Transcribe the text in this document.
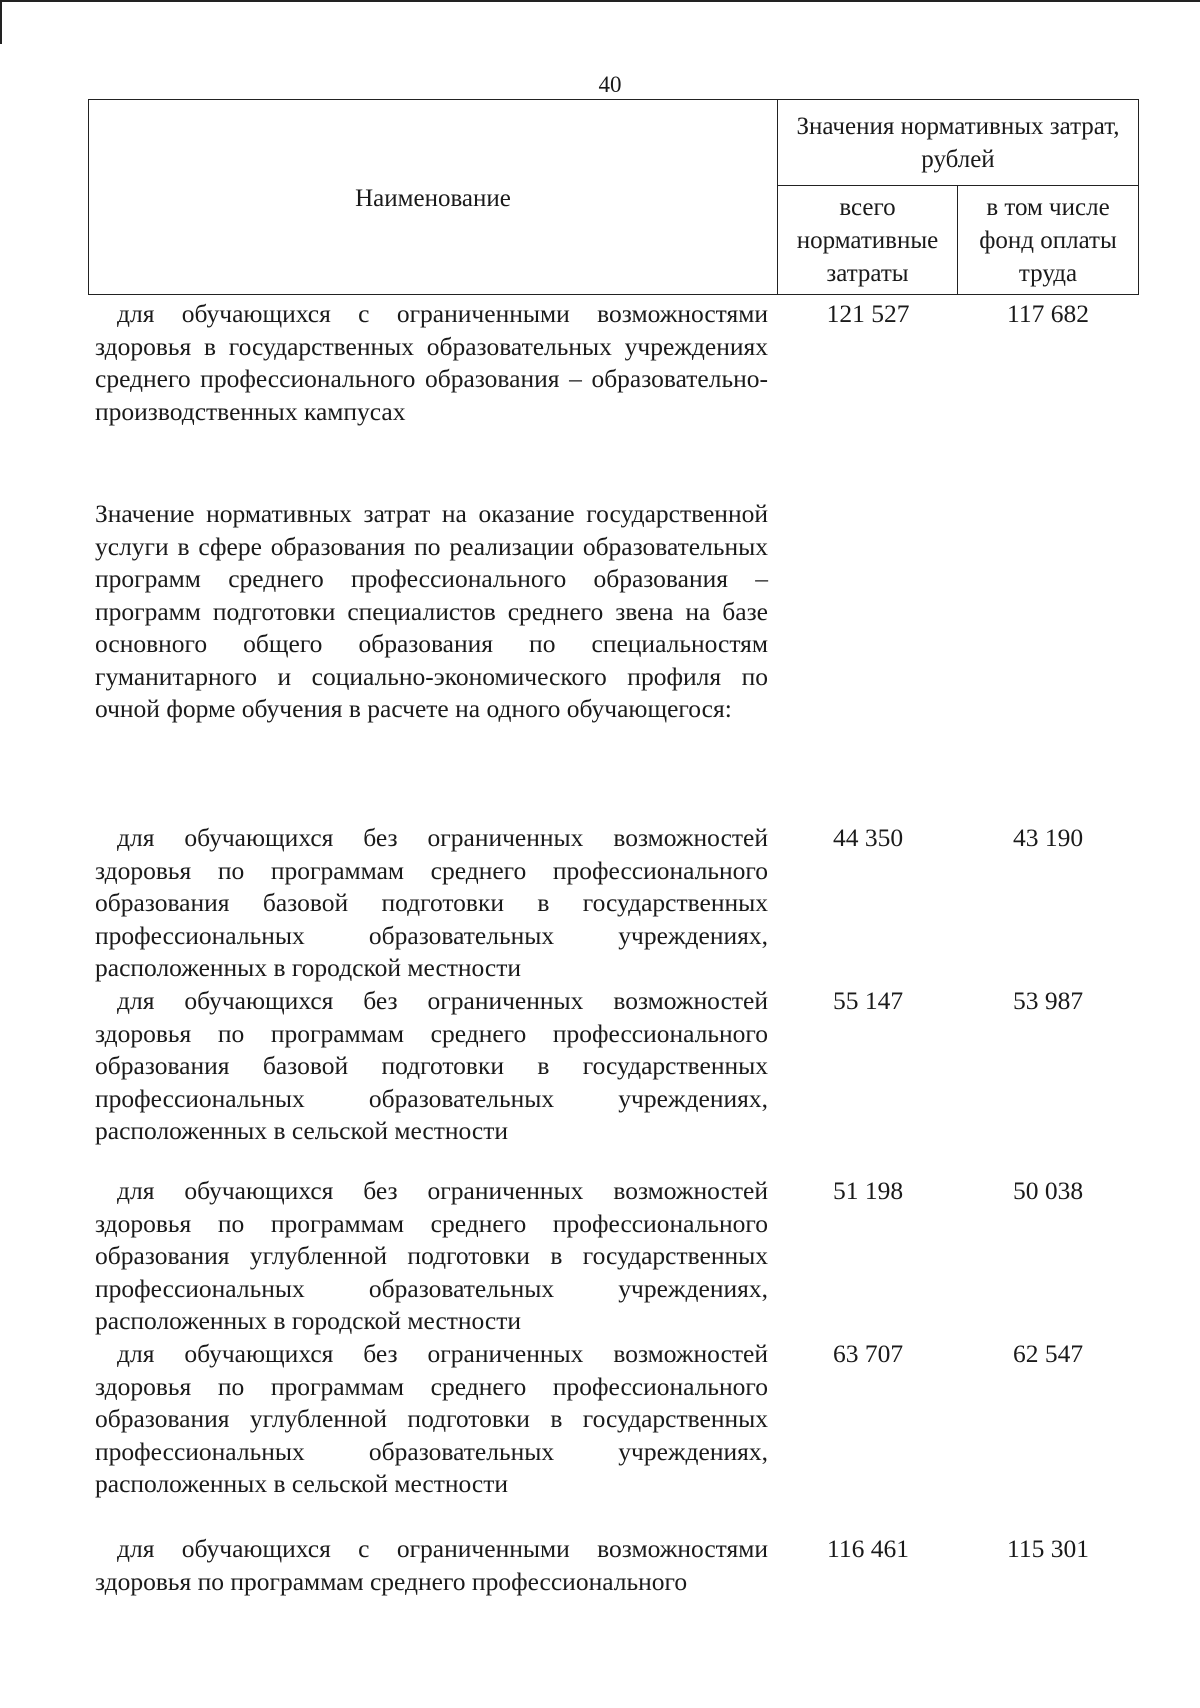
40
Наименование	Значения нормативных затрат, рублей	
	всего нормативные затраты	в том числе фонд оплаты труда
для обучающихся с ограниченными возможностями здоровья в государственных образовательных учреждениях среднего профессионального образования – образовательно-производственных кампусах
121 527	117 682
Значение нормативных затрат на оказание государственной услуги в сфере образования по реализации образовательных программ среднего профессионального образования – программ подготовки специалистов среднего звена на базе основного общего образования по специальностям гуманитарного и социально-экономического профиля по очной форме обучения в расчете на одного обучающегося:
для обучающихся без ограниченных возможностей здоровья по программам среднего профессионального образования базовой подготовки в государственных профессиональных образовательных учреждениях, расположенных в городской местности
44 350	43 190
для обучающихся без ограниченных возможностей здоровья по программам среднего профессионального образования базовой подготовки в государственных профессиональных образовательных учреждениях, расположенных в сельской местности
55 147	53 987
для обучающихся без ограниченных возможностей здоровья по программам среднего профессионального образования углубленной подготовки в государственных профессиональных образовательных учреждениях, расположенных в городской местности
51 198	50 038
для обучающихся без ограниченных возможностей здоровья по программам среднего профессионального образования углубленной подготовки в государственных профессиональных образовательных учреждениях, расположенных в сельской местности
63 707	62 547
для обучающихся с ограниченными возможностями здоровья по программам среднего профессионального
116 461	115 301
